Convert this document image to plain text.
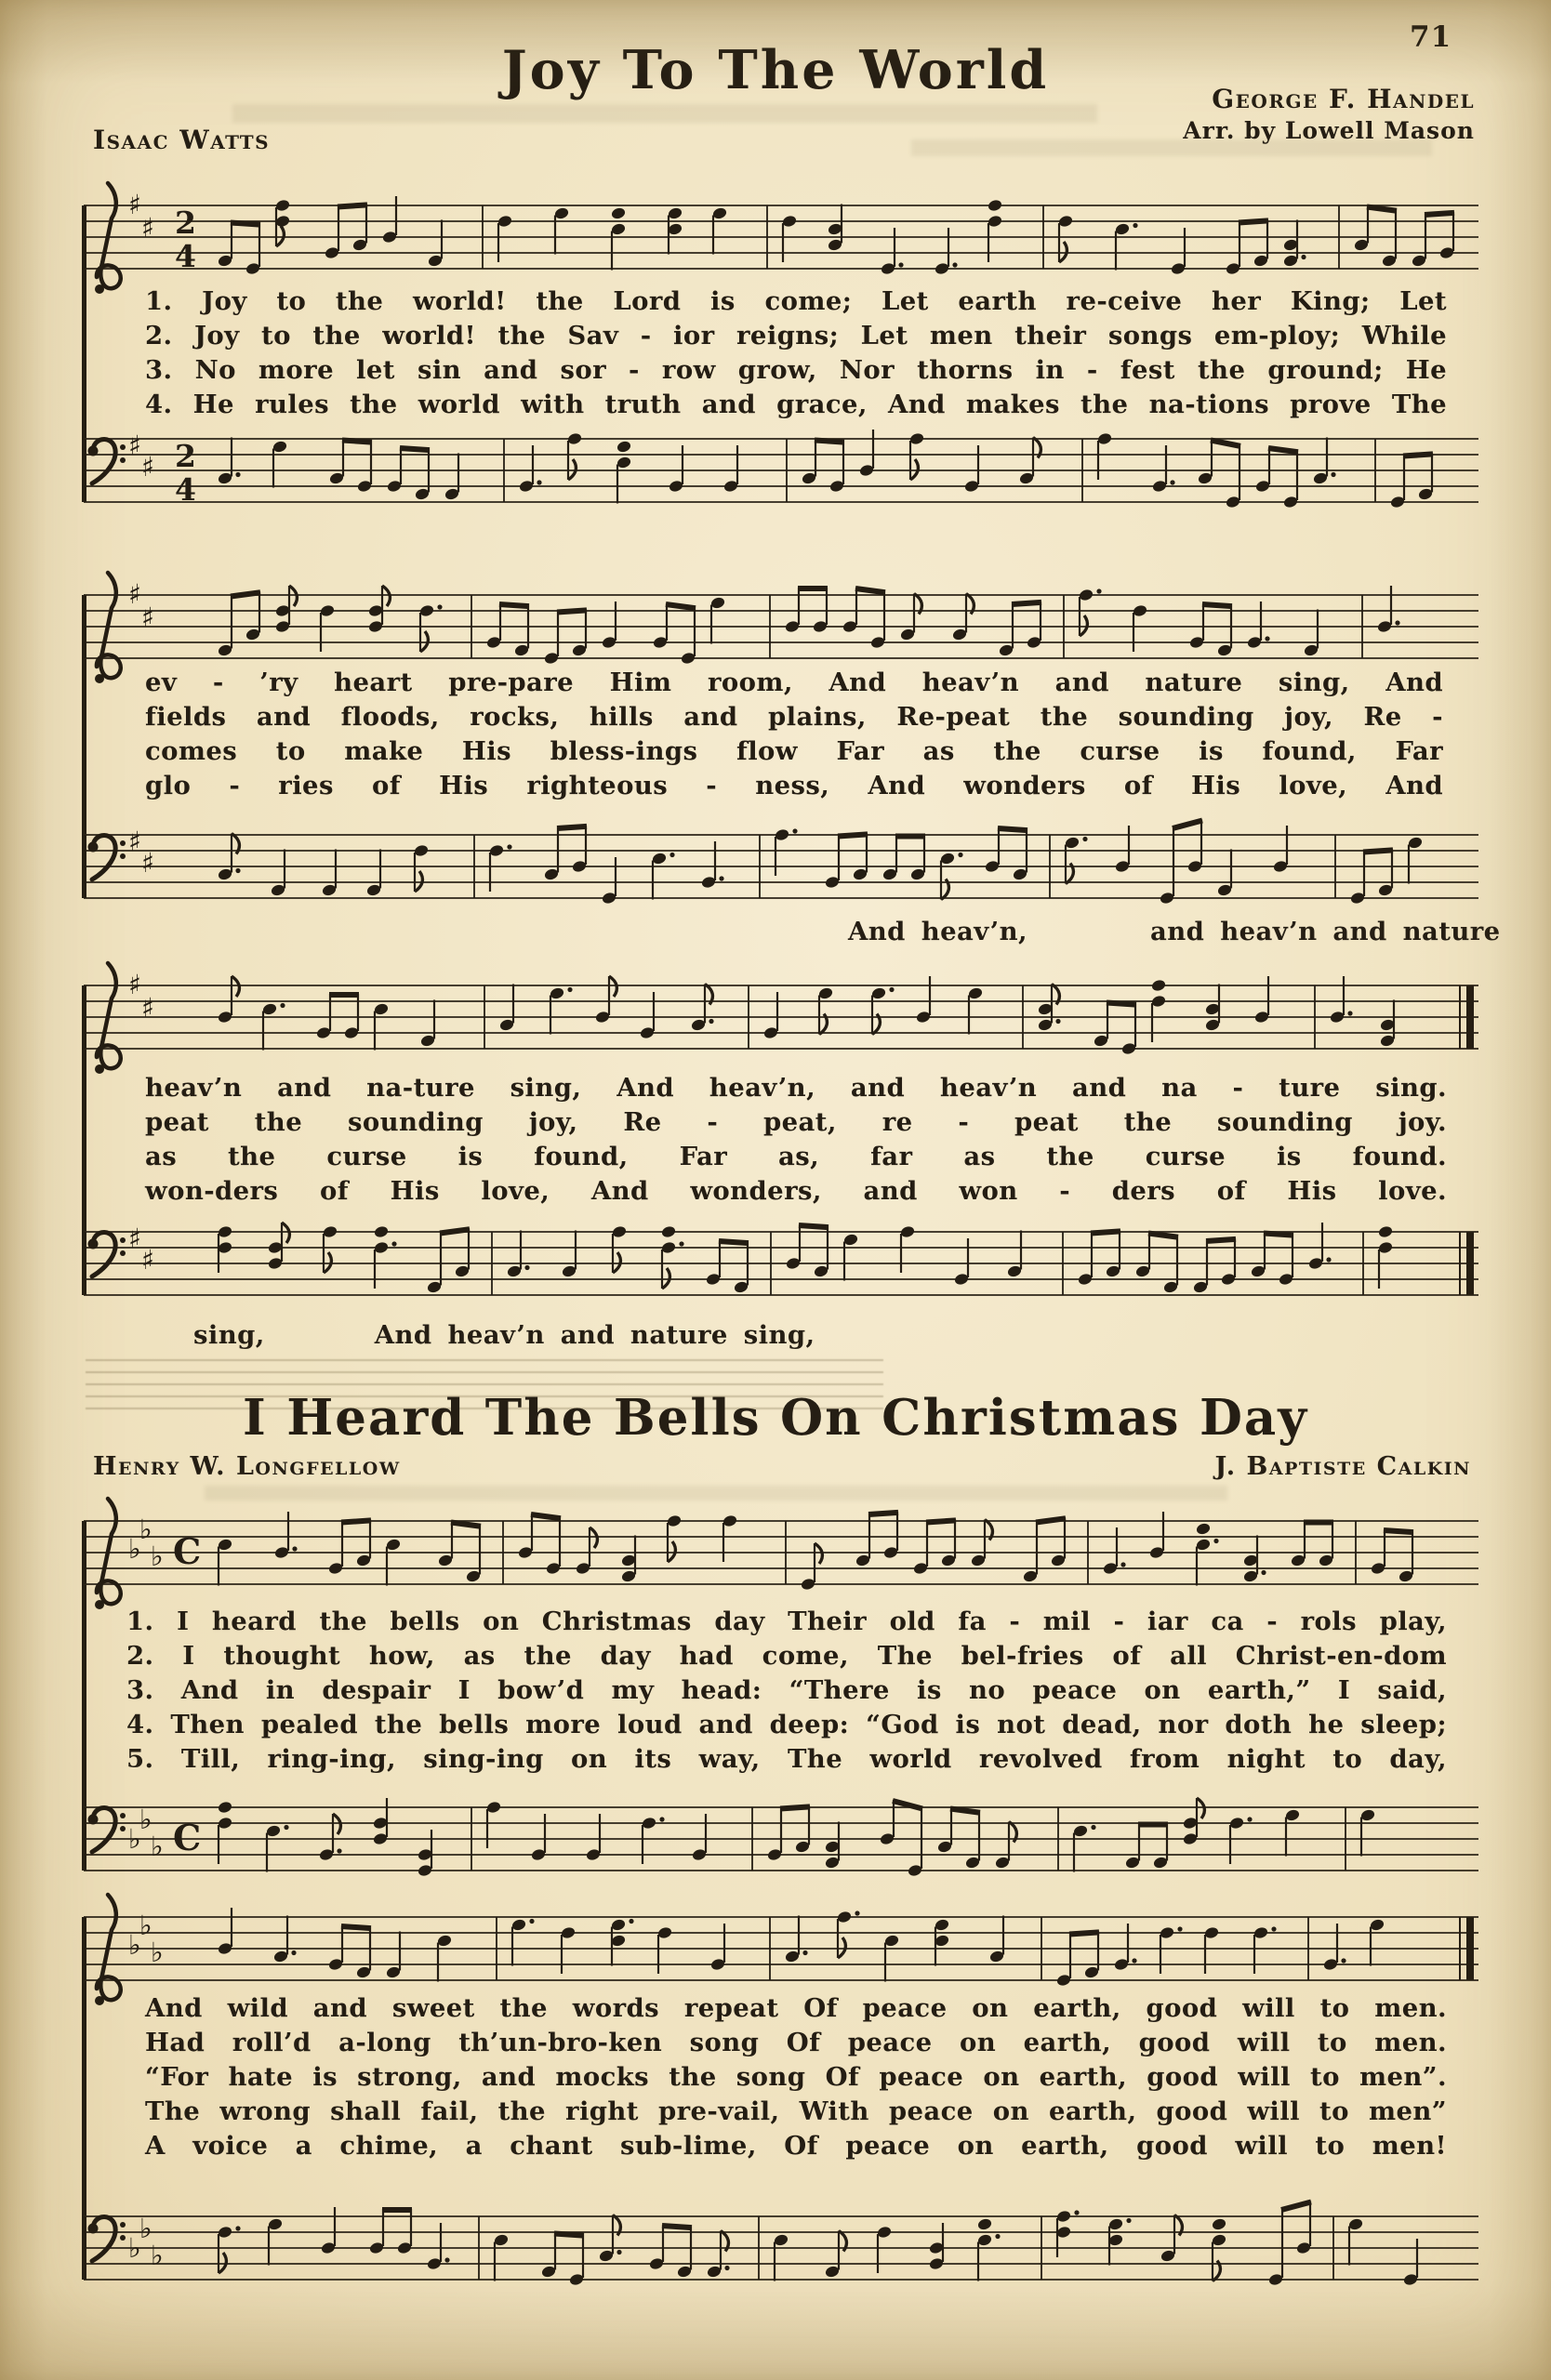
71
Joy To The World
Isaac Watts
George F. Handel
Arr. by Lowell Mason
♯
♯ 2
4
♯
♯ 2
4
♯
♯
♯
♯
♯
♯
♯
♯
♭
♭
♭ C
♭
♭
♭ C
♭
♭
♭
♭
♭
♭
1. Joy to the world! the Lord is come; Let earth re-ceive her King; Let
2. Joy to the world! the Sav - ior reigns; Let men their songs em-ploy; While
3. No more let sin and sor - row grow, Nor thorns in - fest the ground; He
4. He rules the world with truth and grace, And makes the na-tions prove The
ev - ’ry heart pre-pare Him room, And heav’n and nature sing, And
fields and floods, rocks, hills and plains, Re-peat the sounding joy, Re -
comes to make His bless-ings flow Far as the curse is found, Far
glo - ries of His righteous - ness, And wonders of His love, And
heav’n and na-ture sing, And heav’n, and heav’n and na - ture sing.
peat the sounding joy, Re - peat, re - peat the sounding joy.
as the curse is found, Far as, far as the curse is found.
won-ders of His love, And wonders, and won - ders of His love.
And heav’n,	and heav’n and nature
sing,	And heav’n and nature sing,
I Heard The Bells On Christmas Day
Henry W. Longfellow	J. Baptiste Calkin
1. I heard the bells on Christmas day Their old fa - mil - iar ca - rols play,
2. I thought how, as the day had come, The bel-fries of all Christ-en-dom
3. And in despair I bow’d my head: “There is no peace on earth,” I said,
4. Then pealed the bells more loud and deep: “God is not dead, nor doth he sleep;
5. Till, ring-ing, sing-ing on its way, The world revolved from night to day,
And wild and sweet the words repeat Of peace on earth, good will to men.
Had roll’d a-long th’un-bro-ken song Of peace on earth, good will to men.
“For hate is strong, and mocks the song Of peace on earth, good will to men”.
The wrong shall fail, the right pre-vail, With peace on earth, good will to men”
A voice a chime, a chant sub-lime, Of peace on earth, good will to men!
